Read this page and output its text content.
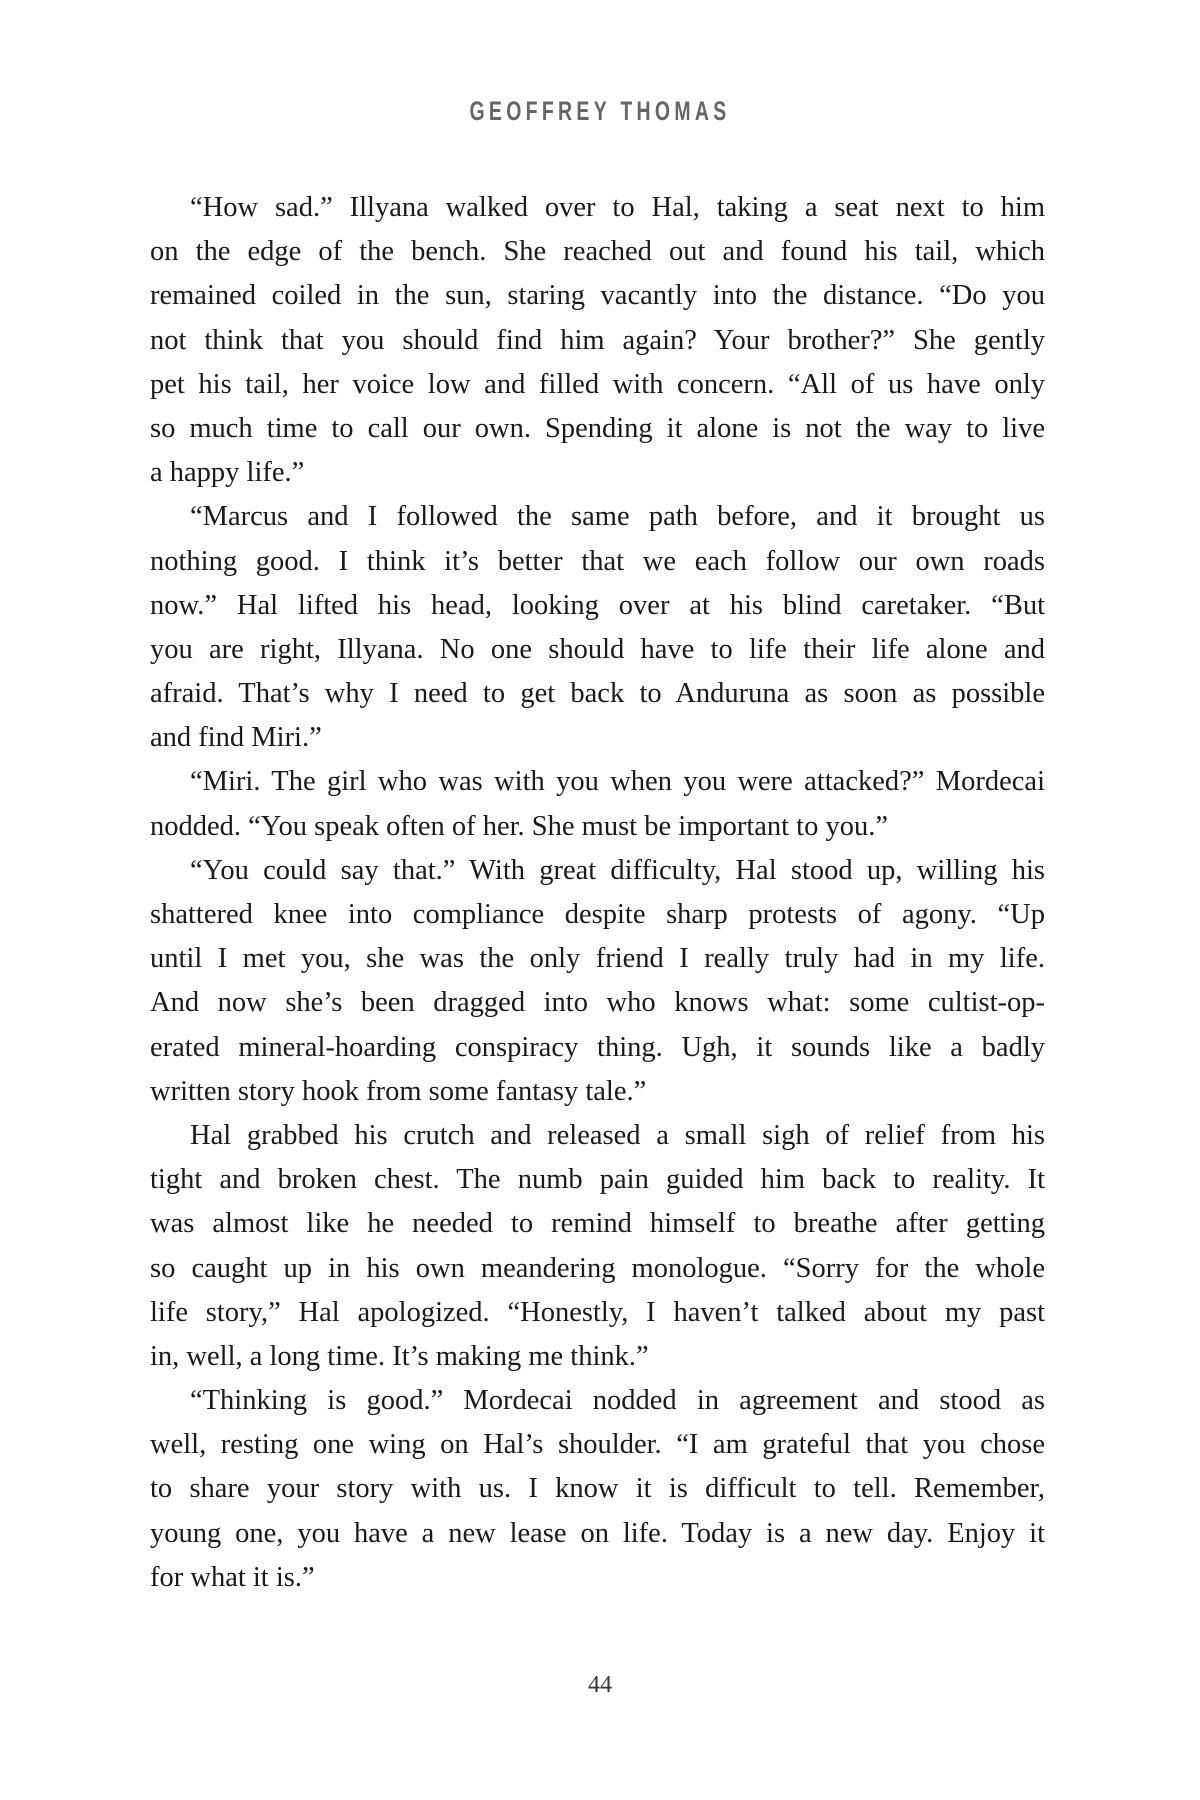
GEOFFREY THOMAS
“How sad.” Illyana walked over to Hal, taking a seat next to him
on the edge of the bench. She reached out and found his tail, which
remained coiled in the sun, staring vacantly into the distance. “Do you
not think that you should find him again? Your brother?” She gently
pet his tail, her voice low and filled with concern. “All of us have only
so much time to call our own. Spending it alone is not the way to live
a happy life.”
“Marcus and I followed the same path before, and it brought us
nothing good. I think it’s better that we each follow our own roads
now.” Hal lifted his head, looking over at his blind caretaker. “But
you are right, Illyana. No one should have to life their life alone and
afraid. That’s why I need to get back to Anduruna as soon as possible
and find Miri.”
“Miri. The girl who was with you when you were attacked?” Mordecai
nodded. “You speak often of her. She must be important to you.”
“You could say that.” With great difficulty, Hal stood up, willing his
shattered knee into compliance despite sharp protests of agony. “Up
until I met you, she was the only friend I really truly had in my life.
And now she’s been dragged into who knows what: some cultist-op-
erated mineral-hoarding conspiracy thing. Ugh, it sounds like a badly
written story hook from some fantasy tale.”
Hal grabbed his crutch and released a small sigh of relief from his
tight and broken chest. The numb pain guided him back to reality. It
was almost like he needed to remind himself to breathe after getting
so caught up in his own meandering monologue. “Sorry for the whole
life story,” Hal apologized. “Honestly, I haven’t talked about my past
in, well, a long time. It’s making me think.”
“Thinking is good.” Mordecai nodded in agreement and stood as
well, resting one wing on Hal’s shoulder. “I am grateful that you chose
to share your story with us. I know it is difficult to tell. Remember,
young one, you have a new lease on life. Today is a new day. Enjoy it
for what it is.”
44
